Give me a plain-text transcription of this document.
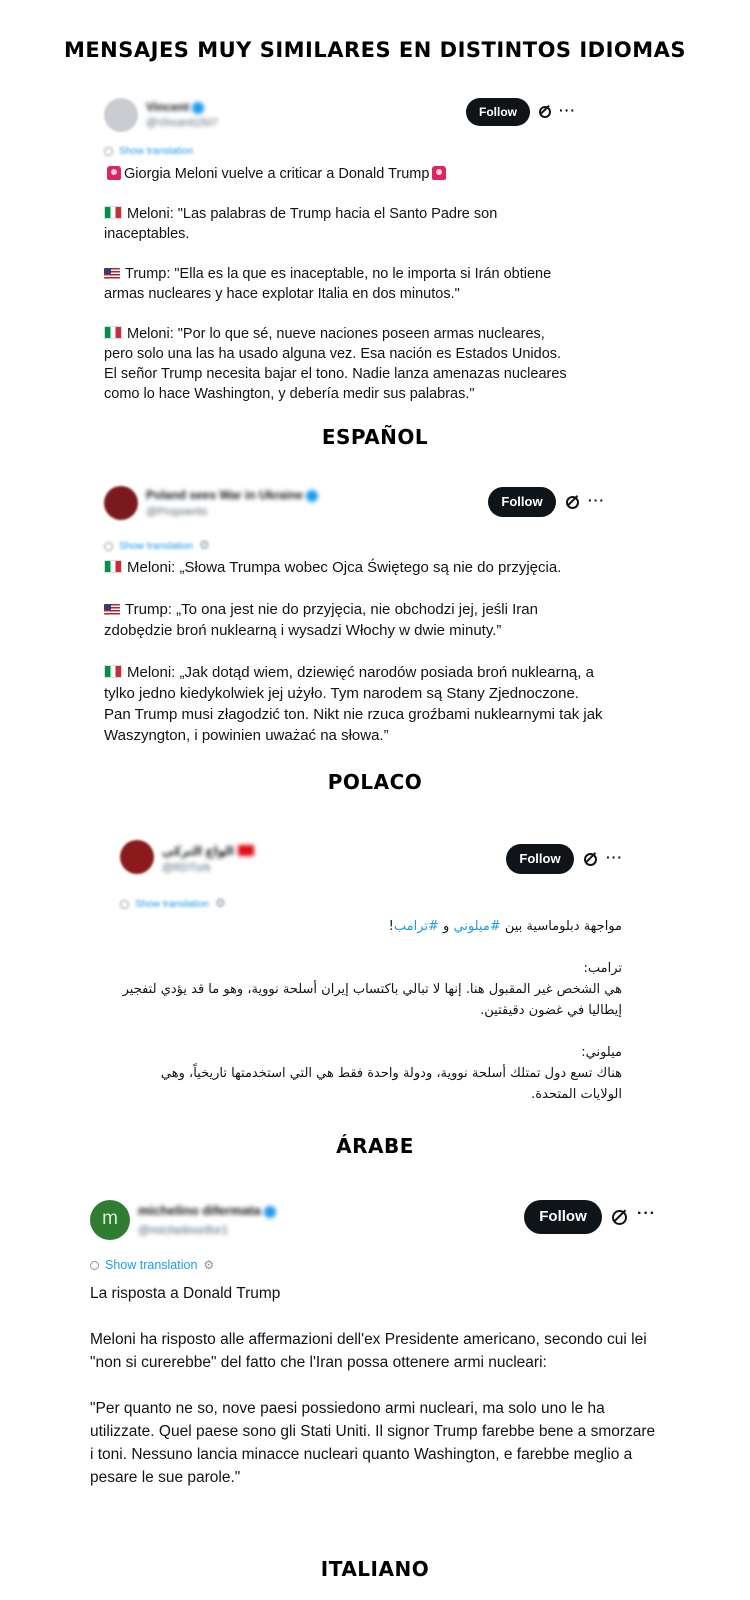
MENSAJES MUY SIMILARES EN DISTINTOS IDIOMAS
Vincent
@Vincent1507
Follow	···
Show translation

Giorgia Meloni vuelve a criticar a Donald Trump

Meloni: "Las palabras de Trump hacia el Santo Padre son inaceptables.

Trump: "Ella es la que es inaceptable, no le importa si Irán obtiene armas nucleares y hace explotar Italia en dos minutos."

Meloni: "Por lo que sé, nueve naciones poseen armas nucleares, pero solo una las ha usado alguna vez. Esa nación es Estados Unidos. El señor Trump necesita bajar el tono. Nadie lanza amenazas nucleares como lo hace Washington, y debería medir sus palabras."

ESPAÑOL
Poland sees War in Ukraine
@Propoertis
Follow	···
Show translation ⚙

Meloni: „Słowa Trumpa wobec Ojca Świętego są nie do przyjęcia.

Trump: „To ona jest nie do przyjęcia, nie obchodzi jej, jeśli Iran zdobędzie broń nuklearną i wysadzi Włochy w dwie minuty.”

Meloni: „Jak dotąd wiem, dziewięć narodów posiada broń nuklearną, a tylko jedno kiedykolwiek jej użyło. Tym narodem są Stany Zjednoczone. Pan Trump musi złagodzić ton. Nikt nie rzuca groźbami nuklearnymi tak jak Waszyngton, i powinien uważać na słowa.”

POLACO
الواع التركي
@RDTurk
Follow	···
Show translation ⚙

مواجهة دبلوماسية بين #ميلوني و #ترامب!

ترامب:

هي الشخص غير المقبول هنا. إنها لا تبالي باكتساب إيران أسلحة نووية، وهو ما قد يؤدي لتفجير إيطاليا في غضون دقيقتين.

ميلوني:

هناك تسع دول تمتلك أسلحة نووية، ودولة واحدة فقط هي التي استخدمتها تاريخياً، وهي الولايات المتحدة.

ÁRABE
m	michelino difermata
@michelinorifor1
Follow	···
Show translation ⚙

La risposta a Donald Trump

Meloni ha risposto alle affermazioni dell'ex Presidente americano, secondo cui lei "non si curerebbe" del fatto che l'Iran possa ottenere armi nucleari:

"Per quanto ne so, nove paesi possiedono armi nucleari, ma solo uno le ha utilizzate. Quel paese sono gli Stati Uniti. Il signor Trump farebbe bene a smorzare i toni. Nessuno lancia minacce nucleari quanto Washington, e farebbe meglio a pesare le sue parole."

ITALIANO
